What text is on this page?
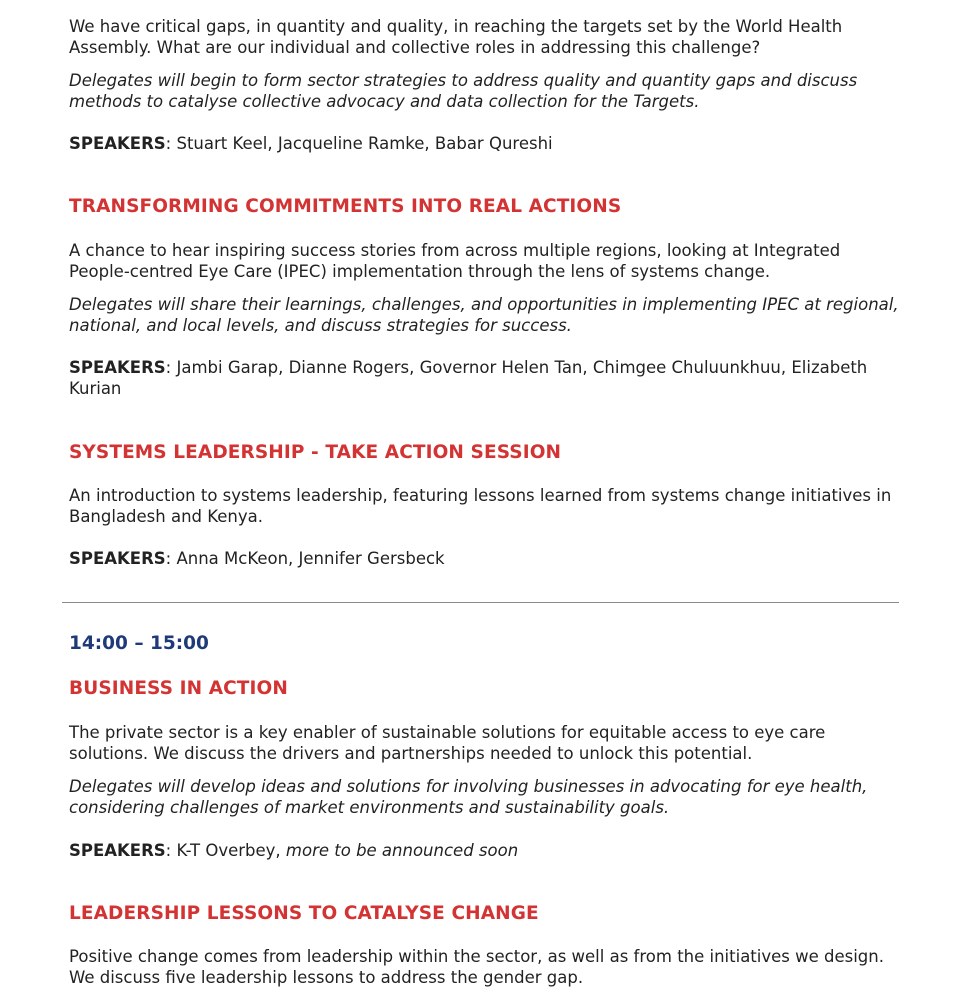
We have critical gaps, in quantity and quality, in reaching the targets set by the World Health Assembly. What are our individual and collective roles in addressing this challenge?
Delegates will begin to form sector strategies to address quality and quantity gaps and discuss methods to catalyse collective advocacy and data collection for the Targets.
SPEAKERS: Stuart Keel, Jacqueline Ramke, Babar Qureshi
TRANSFORMING COMMITMENTS INTO REAL ACTIONS
A chance to hear inspiring success stories from across multiple regions, looking at Integrated People-centred Eye Care (IPEC) implementation through the lens of systems change.
Delegates will share their learnings, challenges, and opportunities in implementing IPEC at regional, national, and local levels, and discuss strategies for success.
SPEAKERS: Jambi Garap, Dianne Rogers, Governor Helen Tan, Chimgee Chuluunkhuu, Elizabeth Kurian
SYSTEMS LEADERSHIP - TAKE ACTION SESSION
An introduction to systems leadership, featuring lessons learned from systems change initiatives in Bangladesh and Kenya.
SPEAKERS: Anna McKeon, Jennifer Gersbeck
14:00 – 15:00
BUSINESS IN ACTION
The private sector is a key enabler of sustainable solutions for equitable access to eye care solutions. We discuss the drivers and partnerships needed to unlock this potential.
Delegates will develop ideas and solutions for involving businesses in advocating for eye health, considering challenges of market environments and sustainability goals.
SPEAKERS: K-T Overbey, more to be announced soon
LEADERSHIP LESSONS TO CATALYSE CHANGE
Positive change comes from leadership within the sector, as well as from the initiatives we design. We discuss five leadership lessons to address the gender gap.
